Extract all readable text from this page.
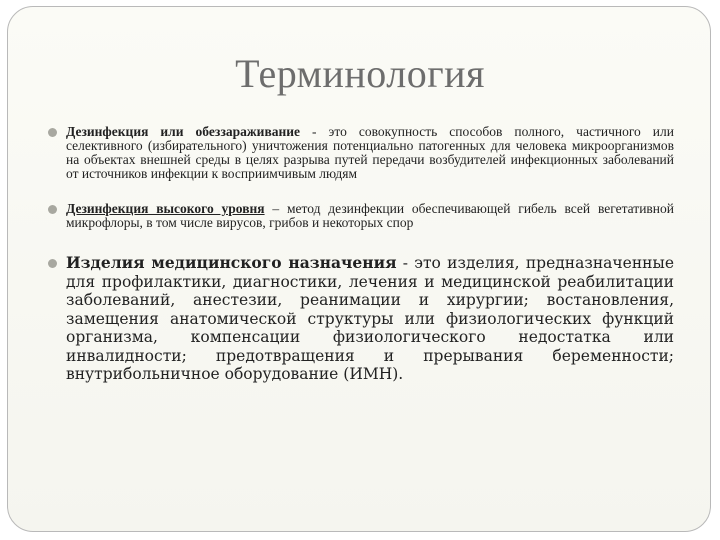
Терминология
Дезинфекция или обеззараживание - это совокупность способов полного, частичного или селективного (избирательного) уничтожения потенциально патогенных для человека микроорганизмов на объектах внешней среды в целях разрыва путей передачи возбудителей инфекционных заболеваний от источников инфекции к восприимчивым людям
Дезинфекция высокого уровня – метод дезинфекции обеспечивающей гибель всей вегетативной микрофлоры, в том числе вирусов, грибов и некоторых спор
Изделия медицинского назначения - это изделия, предназначенные для профилактики, диагностики, лечения и медицинской реабилитации заболеваний, анестезии, реанимации и хирургии; востановления, замещения анатомической структуры или физиологических функций организма, компенсации физиологического недостатка или инвалидности; предотвращения и прерывания беременности; внутрибольничное оборудование (ИМН).
